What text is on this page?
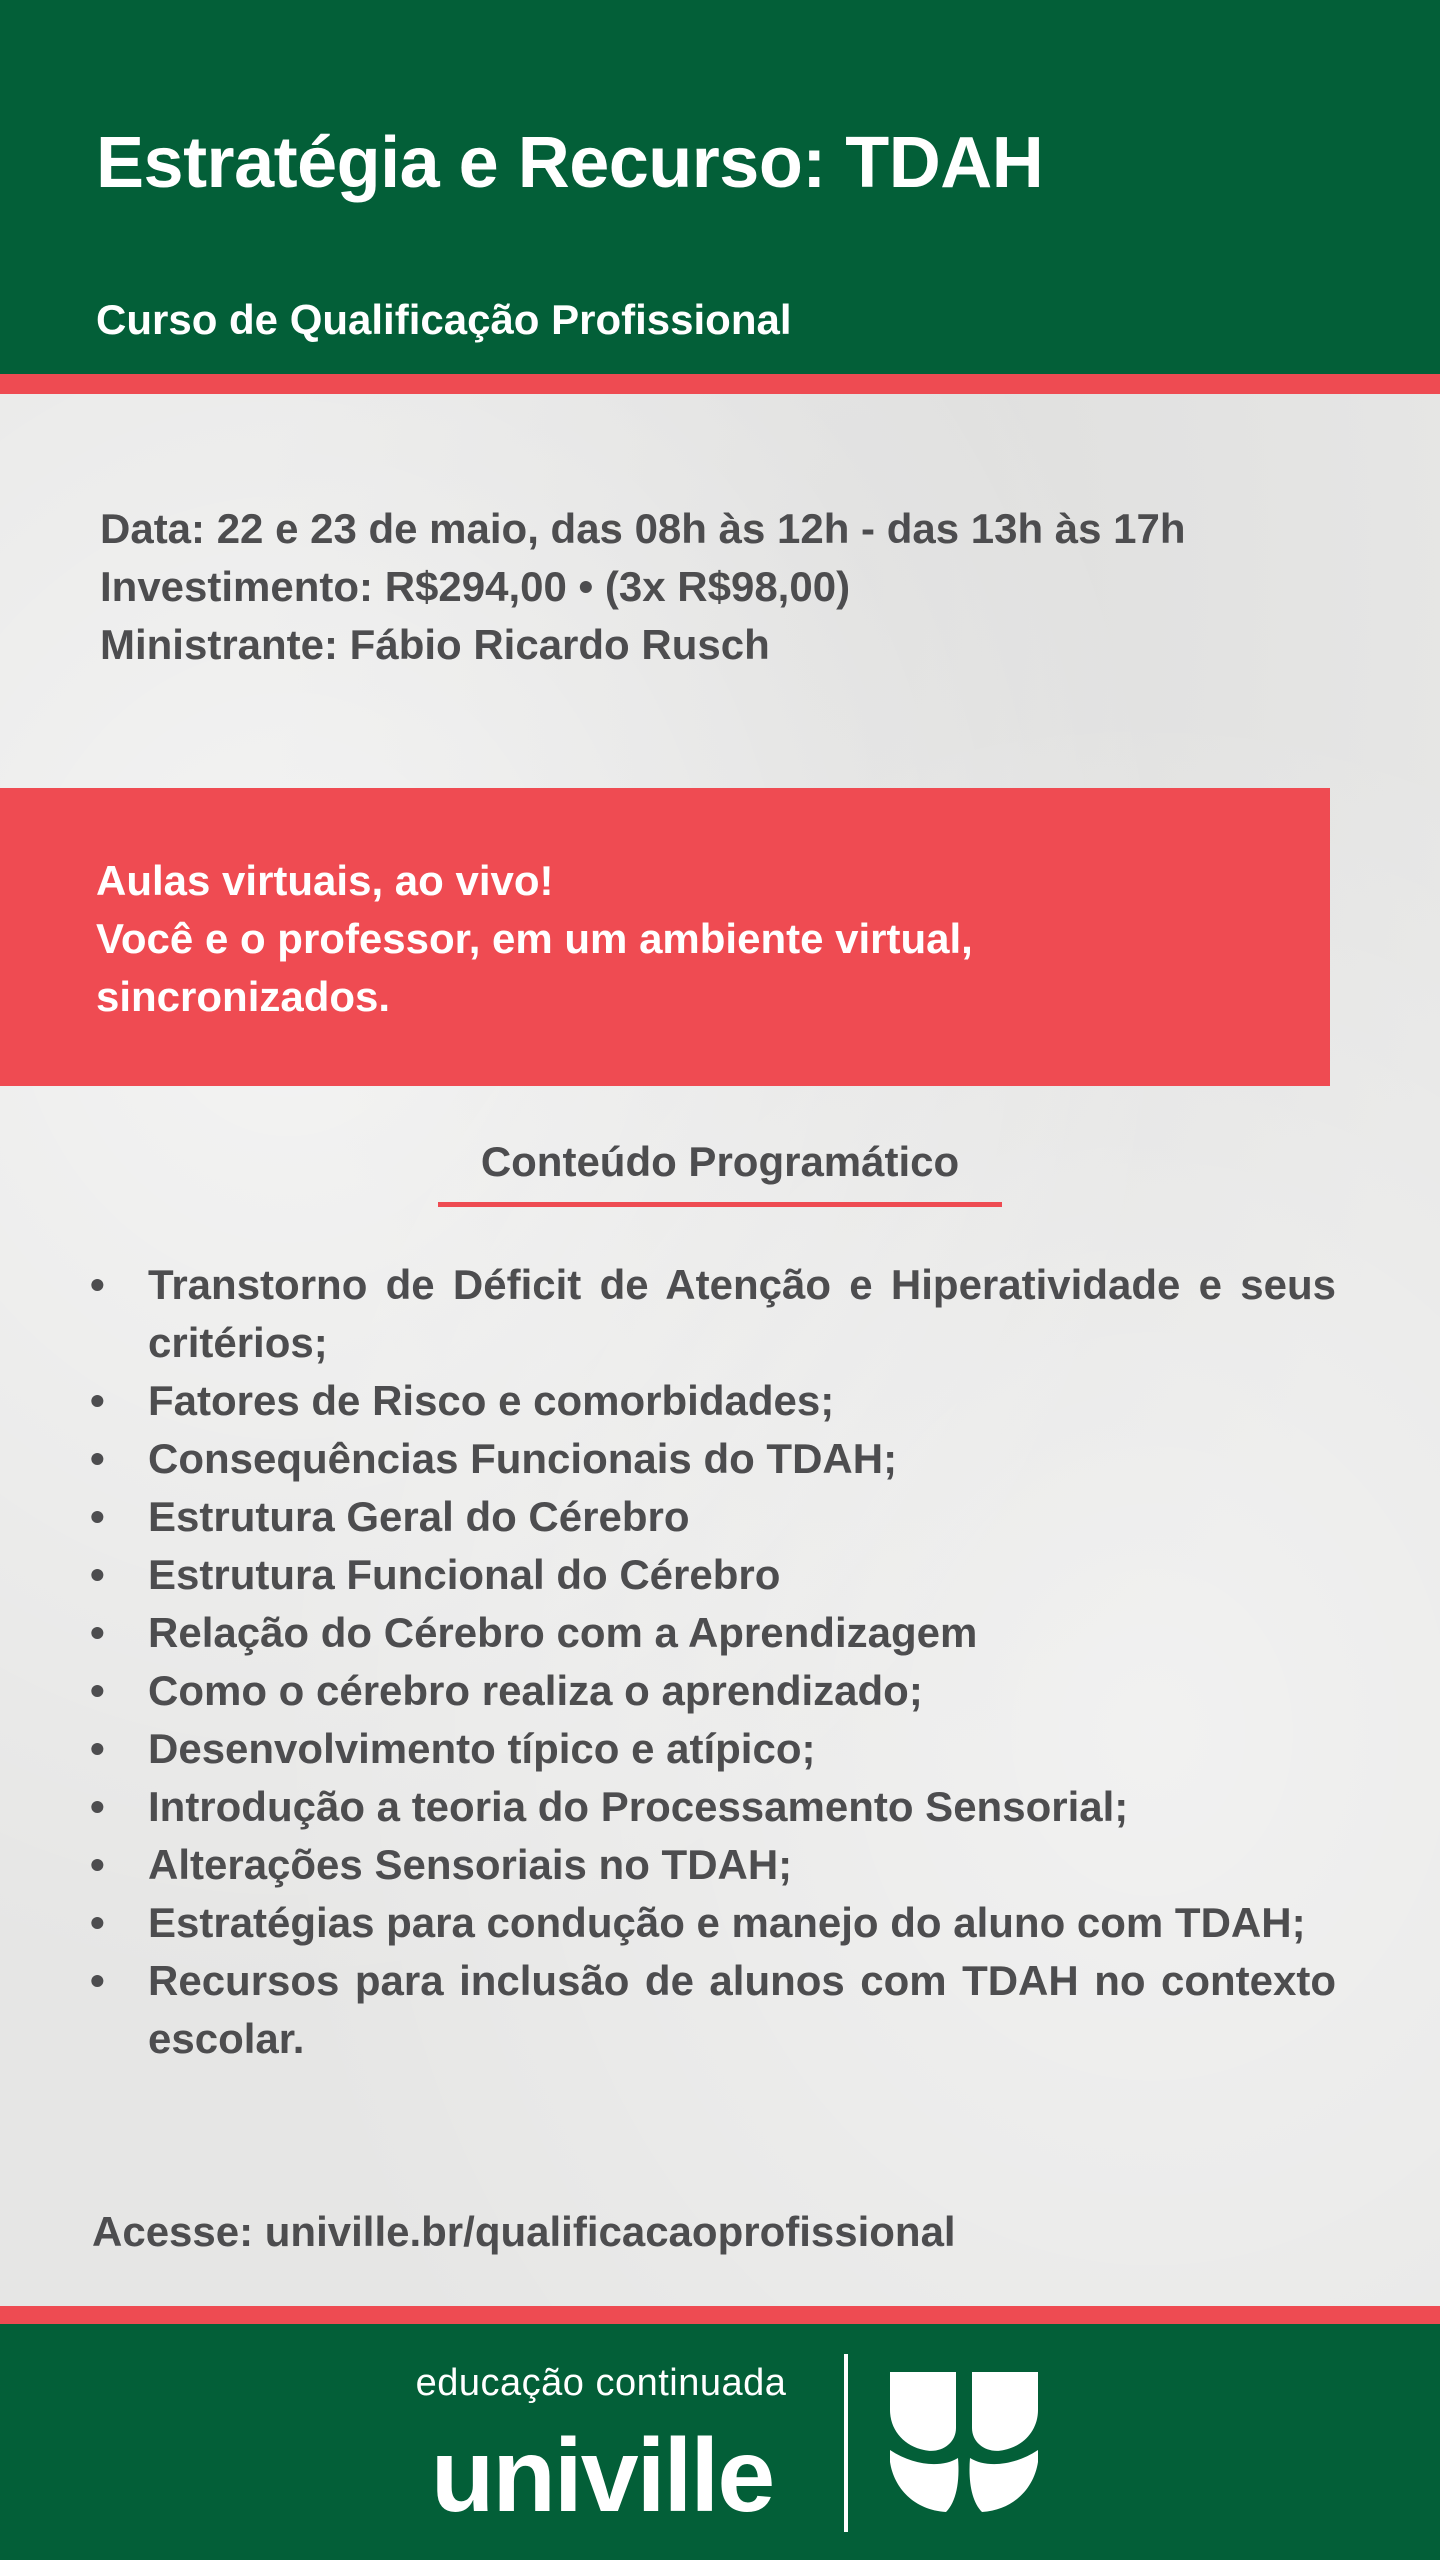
Estratégia e Recurso: TDAH
Curso de Qualificação Profissional
Data: 22 e 23 de maio, das 08h às 12h - das 13h às 17h
Investimento: R$294,00 • (3x R$98,00)
Ministrante: Fábio Ricardo Rusch
Aulas virtuais, ao vivo!
Você e o professor, em um ambiente virtual,
sincronizados.
Conteúdo Programático
• Transtorno de Déficit de Atenção e Hiperatividade e seus critérios;
• Fatores de Risco e comorbidades;
• Consequências Funcionais do TDAH;
• Estrutura Geral do Cérebro
• Estrutura Funcional do Cérebro
• Relação do Cérebro com a Aprendizagem
• Como o cérebro realiza o aprendizado;
• Desenvolvimento típico e atípico;
• Introdução a teoria do Processamento Sensorial;
• Alterações Sensoriais no TDAH;
• Estratégias para condução e manejo do aluno com TDAH;
• Recursos para inclusão de alunos com TDAH no contexto escolar.
Acesse: univille.br/qualificacaoprofissional
educação continuada
univille
